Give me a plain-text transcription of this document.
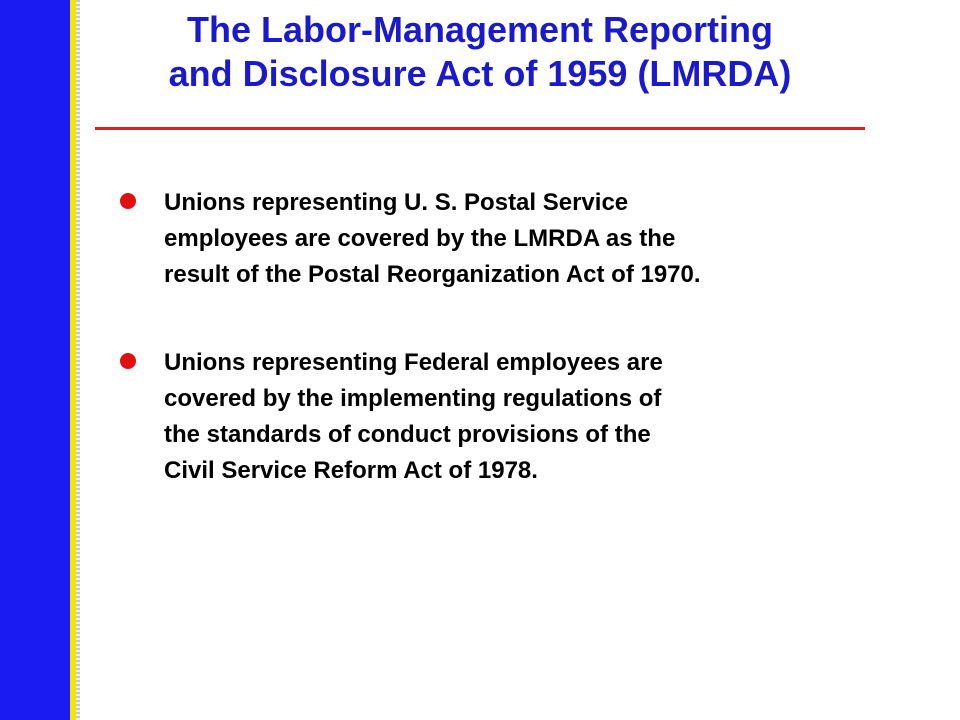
The Labor-Management Reporting
and Disclosure Act of 1959 (LMRDA)
Unions representing U. S. Postal Service
employees are covered by the LMRDA as the
result of the Postal Reorganization Act of 1970.
Unions representing Federal employees are
covered by the implementing regulations of
the standards of conduct provisions of the
Civil Service Reform Act of 1978.
